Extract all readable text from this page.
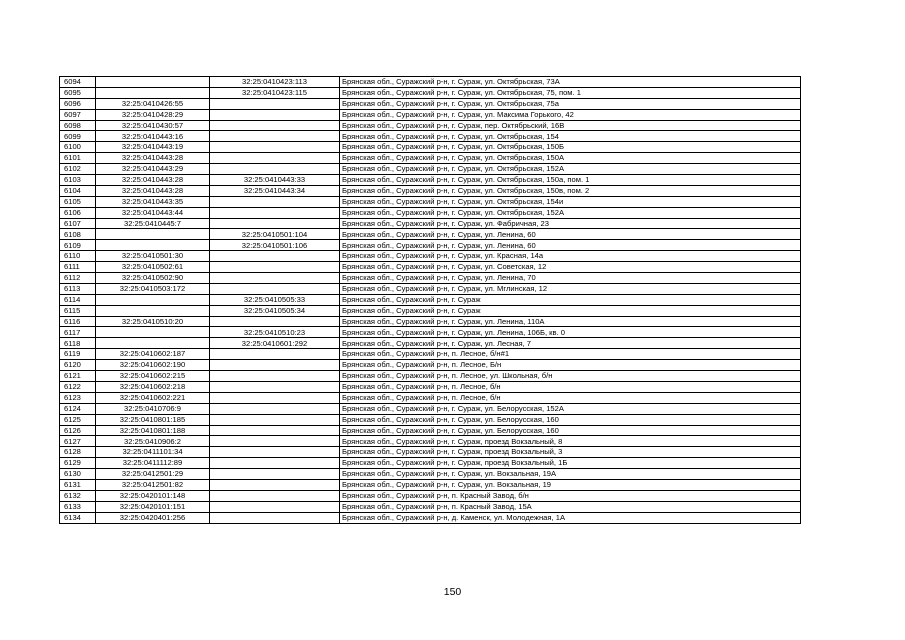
6094		32:25:0410423:113	Брянская обл., Суражский р-н, г. Сураж, ул. Октябрьская, 73А
6095		32:25:0410423:115	Брянская обл., Суражский р-н, г. Сураж, ул. Октябрьская, 75, пом. 1
6096	32:25:0410426:55		Брянская обл., Суражский р-н, г. Сураж, ул. Октябрьская, 75а
6097	32:25:0410428:29		Брянская обл., Суражский р-н, г. Сураж, ул. Максима Горького, 42
6098	32:25:0410430:57		Брянская обл., Суражский р-н, г. Сураж, пер. Октябрьский, 16В
6099	32:25:0410443:16		Брянская обл., Суражский р-н, г. Сураж, ул. Октябрьская, 154
6100	32:25:0410443:19		Брянская обл., Суражский р-н, г. Сураж, ул. Октябрьская, 150Б
6101	32:25:0410443:28		Брянская обл., Суражский р-н, г. Сураж, ул. Октябрьская, 150А
6102	32:25:0410443:29		Брянская обл., Суражский р-н, г. Сураж, ул. Октябрьская, 152А
6103	32:25:0410443:28	32:25:0410443:33	Брянская обл., Суражский р-н, г. Сураж, ул. Октябрьская, 150а, пом. 1
6104	32:25:0410443:28	32:25:0410443:34	Брянская обл., Суражский р-н, г. Сураж, ул. Октябрьская, 150в, пом. 2
6105	32:25:0410443:35		Брянская обл., Суражский р-н, г. Сураж, ул. Октябрьская, 154и
6106	32:25:0410443:44		Брянская обл., Суражский р-н, г. Сураж, ул. Октябрьская, 152А
6107	32:25:0410445:7		Брянская обл., Суражский р-н, г. Сураж, ул. Фабричная, 23
6108		32:25:0410501:104	Брянская обл., Суражский р-н, г. Сураж, ул. Ленина, 60
6109		32:25:0410501:106	Брянская обл., Суражский р-н, г. Сураж, ул. Ленина, 60
6110	32:25:0410501:30		Брянская обл., Суражский р-н, г. Сураж, ул. Красная, 14а
6111	32:25:0410502:61		Брянская обл., Суражский р-н, г. Сураж, ул. Советская, 12
6112	32:25:0410502:90		Брянская обл., Суражский р-н, г. Сураж, ул. Ленина, 70
6113	32:25:0410503:172		Брянская обл., Суражский р-н, г. Сураж, ул. Мглинская, 12
6114		32:25:0410505:33	Брянская обл., Суражский р-н, г. Сураж
6115		32:25:0410505:34	Брянская обл., Суражский р-н, г. Сураж
6116	32:25:0410510:20		Брянская обл., Суражский р-н, г. Сураж, ул. Ленина, 110А
6117		32:25:0410510:23	Брянская обл., Суражский р-н, г. Сураж, ул. Ленина, 106Б, кв. 0
6118		32:25:0410601:292	Брянская обл., Суражский р-н, г. Сураж, ул. Лесная, 7
6119	32:25:0410602:187		Брянская обл., Суражский р-н, п. Лесное, б/н#1
6120	32:25:0410602:190		Брянская обл., Суражский р-н, п. Лесное, Б/н
6121	32:25:0410602:215		Брянская обл., Суражский р-н, п. Лесное, ул. Школьная, б/н
6122	32:25:0410602:218		Брянская обл., Суражский р-н, п. Лесное, б/н
6123	32:25:0410602:221		Брянская обл., Суражский р-н, п. Лесное, б/н
6124	32:25:0410706:9		Брянская обл., Суражский р-н, г. Сураж, ул. Белорусская, 152А
6125	32:25:0410801:185		Брянская обл., Суражский р-н, г. Сураж, ул. Белорусская, 160
6126	32:25:0410801:188		Брянская обл., Суражский р-н, г. Сураж, ул. Белорусская, 160
6127	32:25:0410906:2		Брянская обл., Суражский р-н, г. Сураж, проезд Вокзальный, 8
6128	32:25:0411101:34		Брянская обл., Суражский р-н, г. Сураж, проезд Вокзальный, 3
6129	32:25:0411112:89		Брянская обл., Суражский р-н, г. Сураж, проезд Вокзальный, 1Б
6130	32:25:0412501:29		Брянская обл., Суражский р-н, г. Сураж, ул. Вокзальная, 19А
6131	32:25:0412501:82		Брянская обл., Суражский р-н, г. Сураж, ул. Вокзальная, 19
6132	32:25:0420101:148		Брянская обл., Суражский р-н, п. Красный Завод, б/н
6133	32:25:0420101:151		Брянская обл., Суражский р-н, п. Красный Завод, 15А
6134	32:25:0420401:256		Брянская обл., Суражский р-н, д. Каменск, ул. Молодежная, 1А
150
